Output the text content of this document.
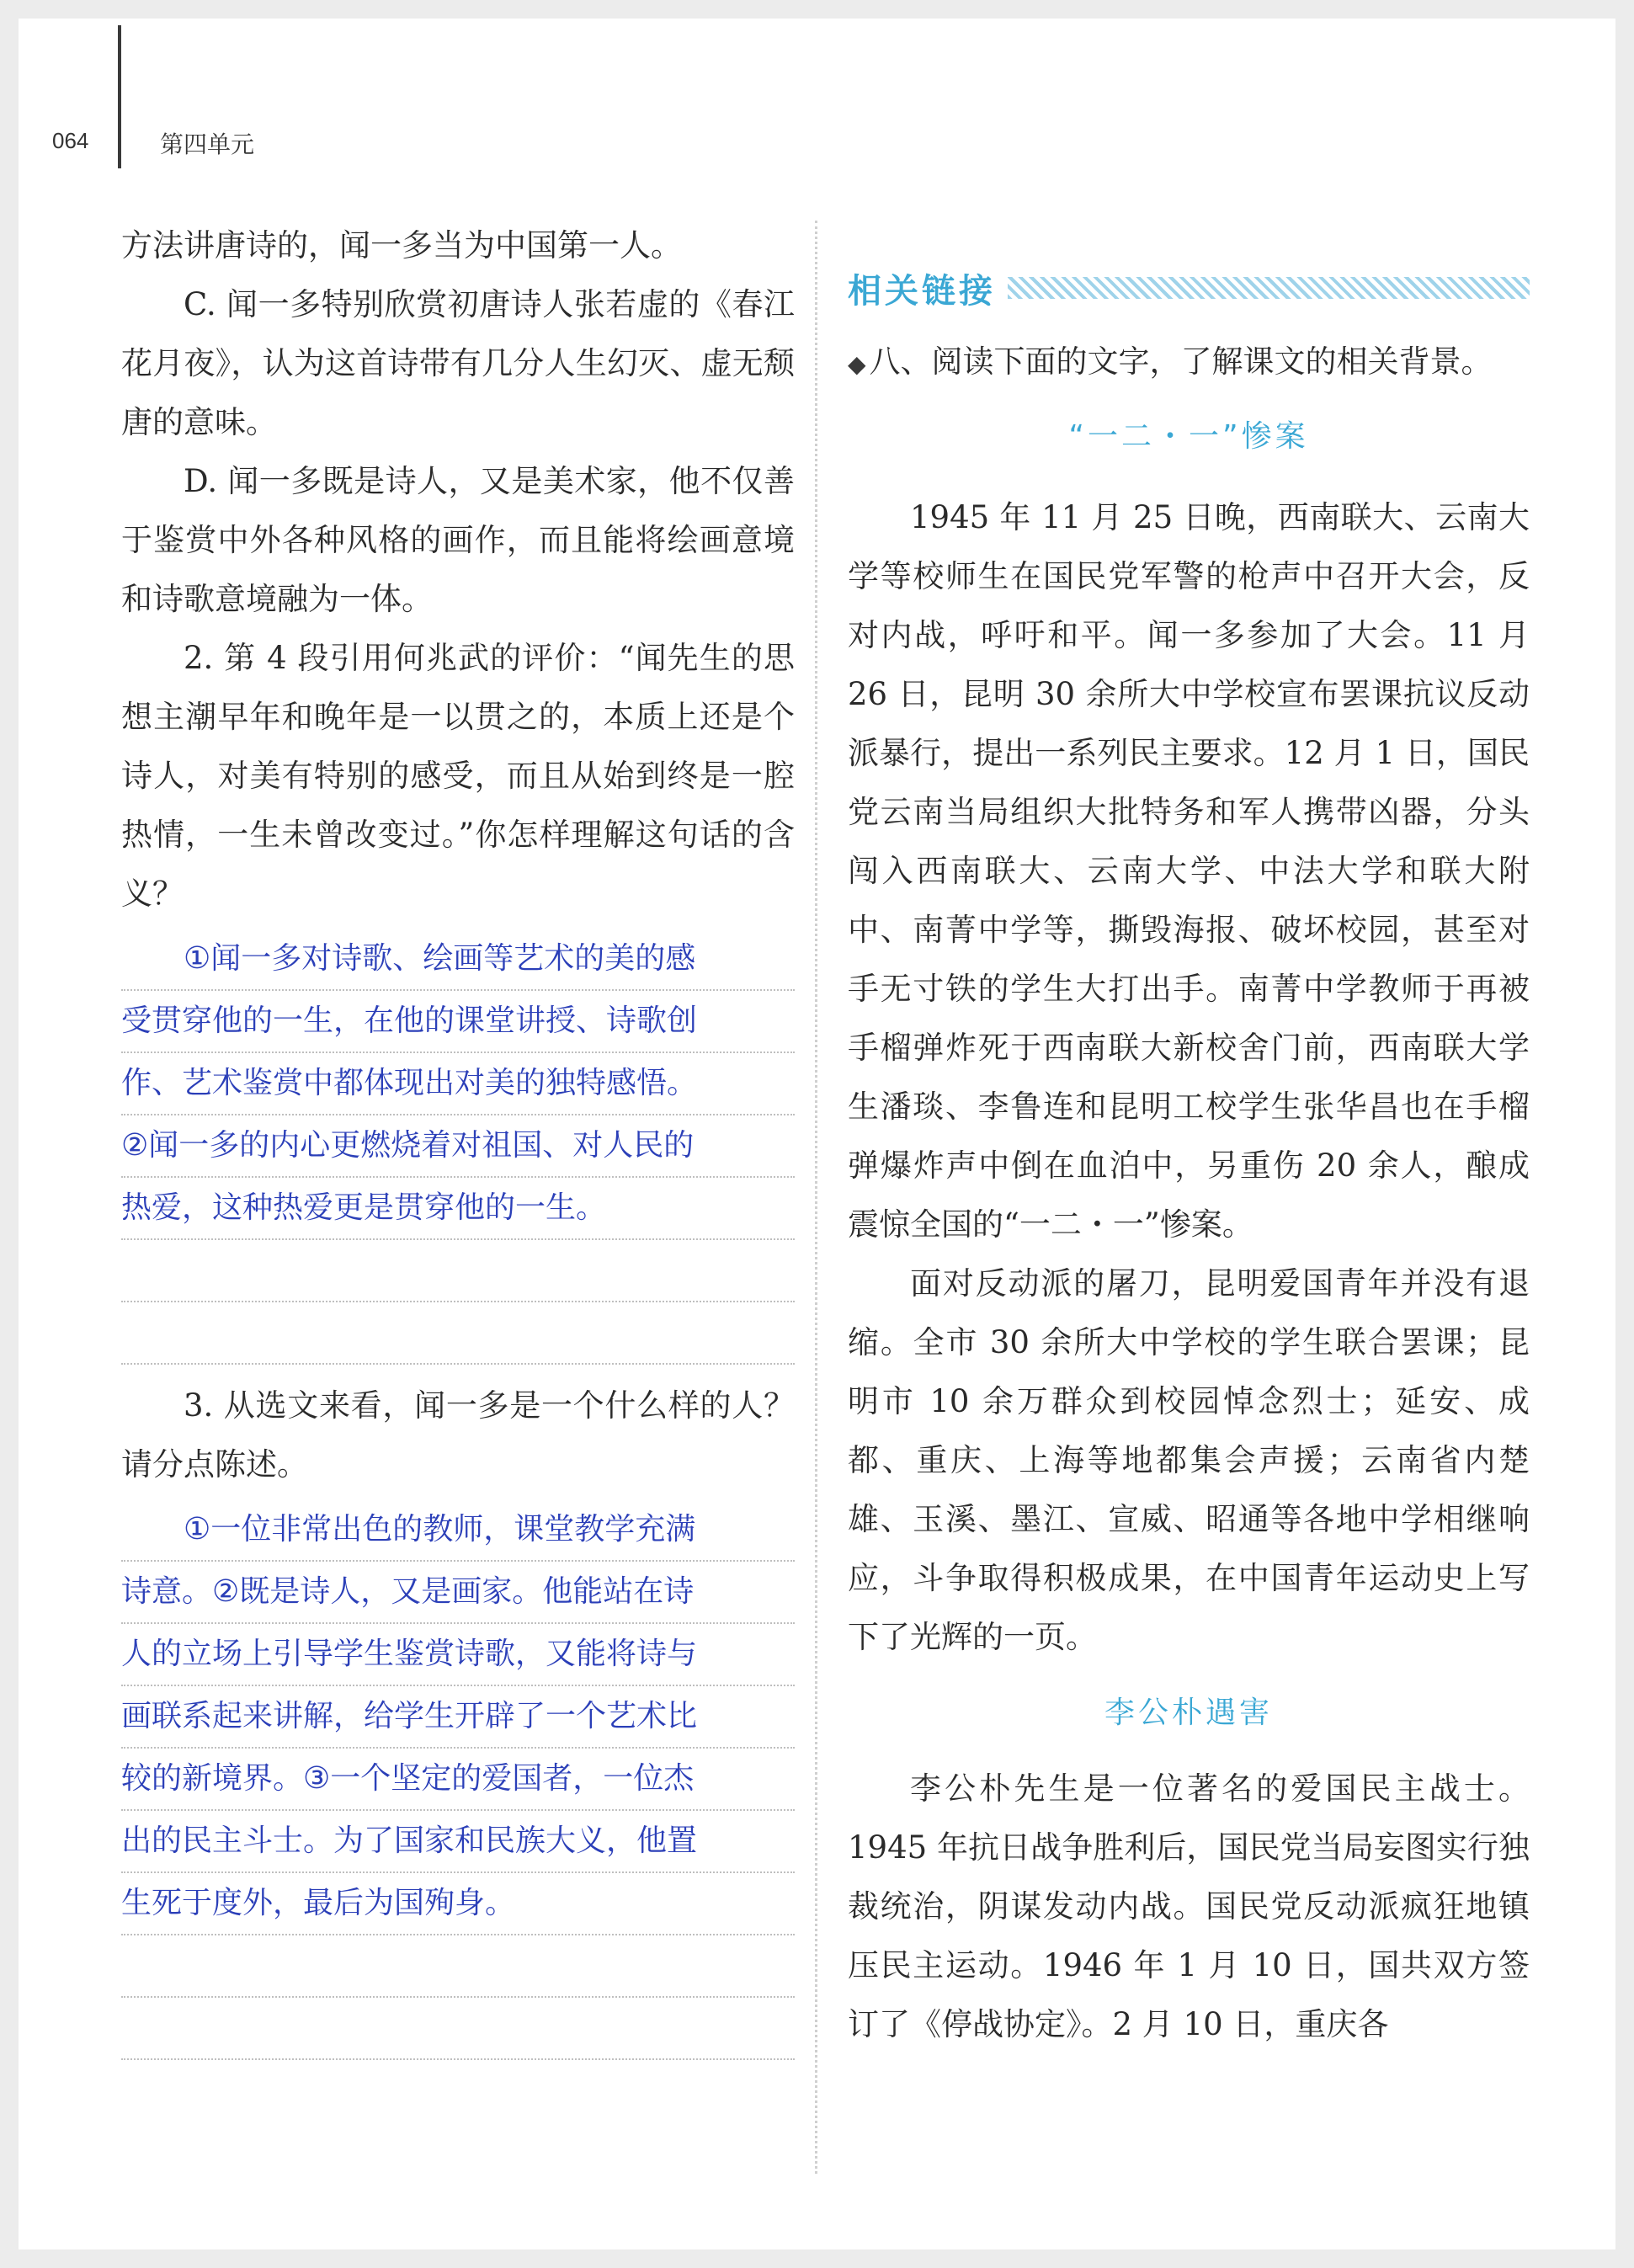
064	第四单元

方法讲唐诗的，闻一多当为中国第一人。

C. 闻一多特别欣赏初唐诗人张若虚的《春江花月夜》，认为这首诗带有几分人生幻灭、虚无颓唐的意味。

D. 闻一多既是诗人，又是美术家，他不仅善于鉴赏中外各种风格的画作，而且能将绘画意境和诗歌意境融为一体。

2. 第 4 段引用何兆武的评价：“闻先生的思想主潮早年和晚年是一以贯之的，本质上还是个诗人，对美有特别的感受，而且从始到终是一腔热情，一生未曾改变过。”你怎样理解这句话的含义？

①闻一多对诗歌、绘画等艺术的美的感
受贯穿他的一生，在他的课堂讲授、诗歌创
作、艺术鉴赏中都体现出对美的独特感悟。
②闻一多的内心更燃烧着对祖国、对人民的
热爱，这种热爱更是贯穿他的一生。

3. 从选文来看，闻一多是一个什么样的人？请分点陈述。

①一位非常出色的教师，课堂教学充满
诗意。②既是诗人，又是画家。他能站在诗
人的立场上引导学生鉴赏诗歌，又能将诗与
画联系起来讲解，给学生开辟了一个艺术比
较的新境界。③一个坚定的爱国者，一位杰
出的民主斗士。为了国家和民族大义，他置
生死于度外，最后为国殉身。
相关链接

◆ 八、阅读下面的文字，了解课文的相关背景。

“一二・一”惨案

1945 年 11 月 25 日晚，西南联大、云南大学等校师生在国民党军警的枪声中召开大会，反对内战，呼吁和平。闻一多参加了大会。11 月 26 日，昆明 30 余所大中学校宣布罢课抗议反动派暴行，提出一系列民主要求。12 月 1 日，国民党云南当局组织大批特务和军人携带凶器，分头闯入西南联大、云南大学、中法大学和联大附中、南菁中学等，撕毁海报、破坏校园，甚至对手无寸铁的学生大打出手。南菁中学教师于再被手榴弹炸死于西南联大新校舍门前，西南联大学生潘琰、李鲁连和昆明工校学生张华昌也在手榴弹爆炸声中倒在血泊中，另重伤 20 余人，酿成震惊全国的“一二・一”惨案。

面对反动派的屠刀，昆明爱国青年并没有退缩。全市 30 余所大中学校的学生联合罢课；昆明市 10 余万群众到校园悼念烈士；延安、成都、重庆、上海等地都集会声援；云南省内楚雄、玉溪、墨江、宣威、昭通等各地中学相继响应，斗争取得积极成果，在中国青年运动史上写下了光辉的一页。

李公朴遇害

李公朴先生是一位著名的爱国民主战士。1945 年抗日战争胜利后，国民党当局妄图实行独裁统治，阴谋发动内战。国民党反动派疯狂地镇压民主运动。1946 年 1 月 10 日，国共双方签订了《停战协定》。2 月 10 日，重庆各
